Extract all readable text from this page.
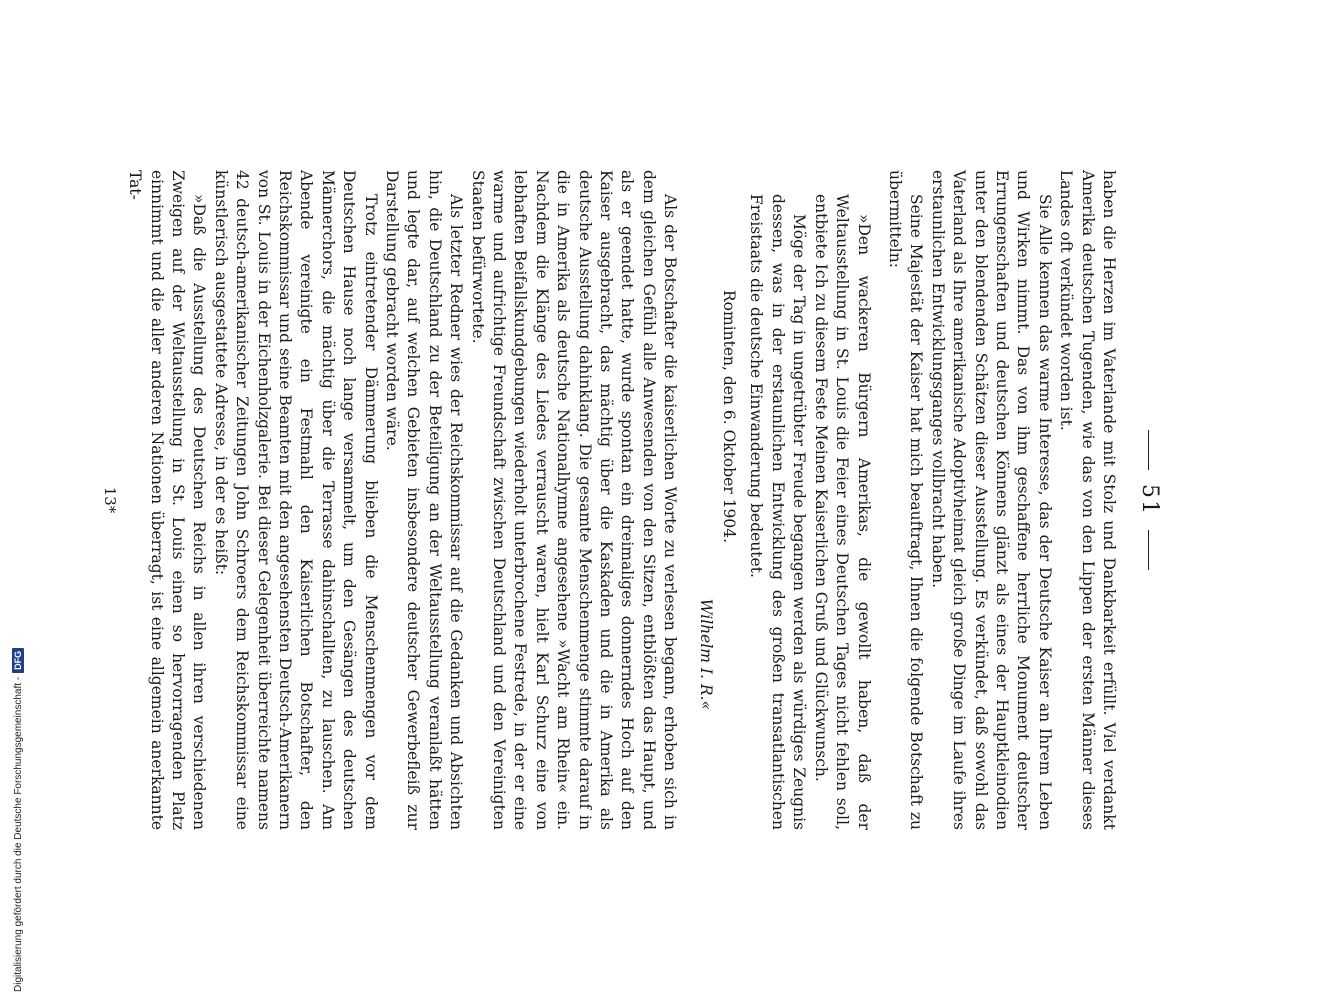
51

haben die Herzen im Vaterlande mit Stolz und Dankbarkeit erfüllt. Viel verdankt Amerika deutschen Tugenden, wie das von den Lippen der ersten Männer dieses Landes oft verkündet worden ist.

Sie Alle kennen das warme Interesse, das der Deutsche Kaiser an Ihrem Leben und Wirken nimmt. Das von ihm geschaffene herrliche Monument deutscher Errungenschaften und deutschen Könnens glänzt als eines der Hauptkleinodien unter den blendenden Schätzen dieser Ausstellung. Es verkündet, daß sowohl das Vaterland als Ihre amerikanische Adoptivheimat gleich große Dinge im Laufe ihres erstaunlichen Entwicklungsganges vollbracht haben.

Seine Majestät der Kaiser hat mich beauftragt, Ihnen die folgende Botschaft zu übermitteln:

»Den wackeren Bürgern Amerikas, die gewollt haben, daß der Weltausstellung in St. Louis die Feier eines Deutschen Tages nicht fehlen soll, entbiete Ich zu diesem Feste Meinen Kaiserlichen Gruß und Glückwunsch.

Möge der Tag in ungetrübter Freude begangen werden als würdiges Zeugnis dessen, was in der erstaunlichen Entwicklung des großen transatlantischen Freistaats die deutsche Einwanderung bedeutet.

Rominten, den 6. Oktober 1904.
Wilhelm I. R.«

Als der Botschafter die kaiserlichen Worte zu verlesen begann, erhoben sich in dem gleichen Gefühl alle Anwesenden von den Sitzen, entblößten das Haupt, und als er geendet hatte, wurde spontan ein dreimaliges donnerndes Hoch auf den Kaiser ausgebracht, das mächtig über die Kaskaden und die in Amerika als deutsche Ausstellung dahinklang. Die gesamte Menschenmenge stimmte darauf in die in Amerika als deutsche Nationalhymne angesehene »Wacht am Rhein« ein. Nachdem die Klänge des Liedes verrauscht waren, hielt Karl Schurz eine von lebhaften Beifallskundgebungen wiederholt unterbrochene Festrede, in der er eine warme und aufrichtige Freundschaft zwischen Deutschland und den Vereinigten Staaten befürwortete.

Als letzter Redner wies der Reichskommissar auf die Gedanken und Absichten hin, die Deutschland zu der Beteiligung an der Weltausstellung veranlaßt hätten und legte dar, auf welchen Gebieten insbesondere deutscher Gewerbefleiß zur Darstellung gebracht worden wäre.

Trotz eintretender Dämmerung blieben die Menschenmengen vor dem Deutschen Hause noch lange versammelt, um den Gesängen des deutschen Männerchors, die mächtig über die Terrasse dahinschallten, zu lauschen. Am Abende vereinigte ein Festmahl den Kaiserlichen Botschafter, den Reichskommissar und seine Beamten mit den angesehensten Deutsch-Amerikanern von St. Louis in der Eichenholzgalerie. Bei dieser Gelegenheit überreichte namens 42 deutsch-amerikanischer Zeitungen John Schroers dem Reichskommissar eine künstlerisch ausgestattete Adresse, in der es heißt:

»Daß die Ausstellung des Deutschen Reichs in allen ihren verschiedenen Zweigen auf der Weltausstellung in St. Louis einen so hervorragenden Platz einnimmt und die aller anderen Nationen überragt, ist eine allgemein anerkannte Tat-

13*
Digitalisierung gefördert durch die Deutsche Forschungsgemeinschaft -
DFG
